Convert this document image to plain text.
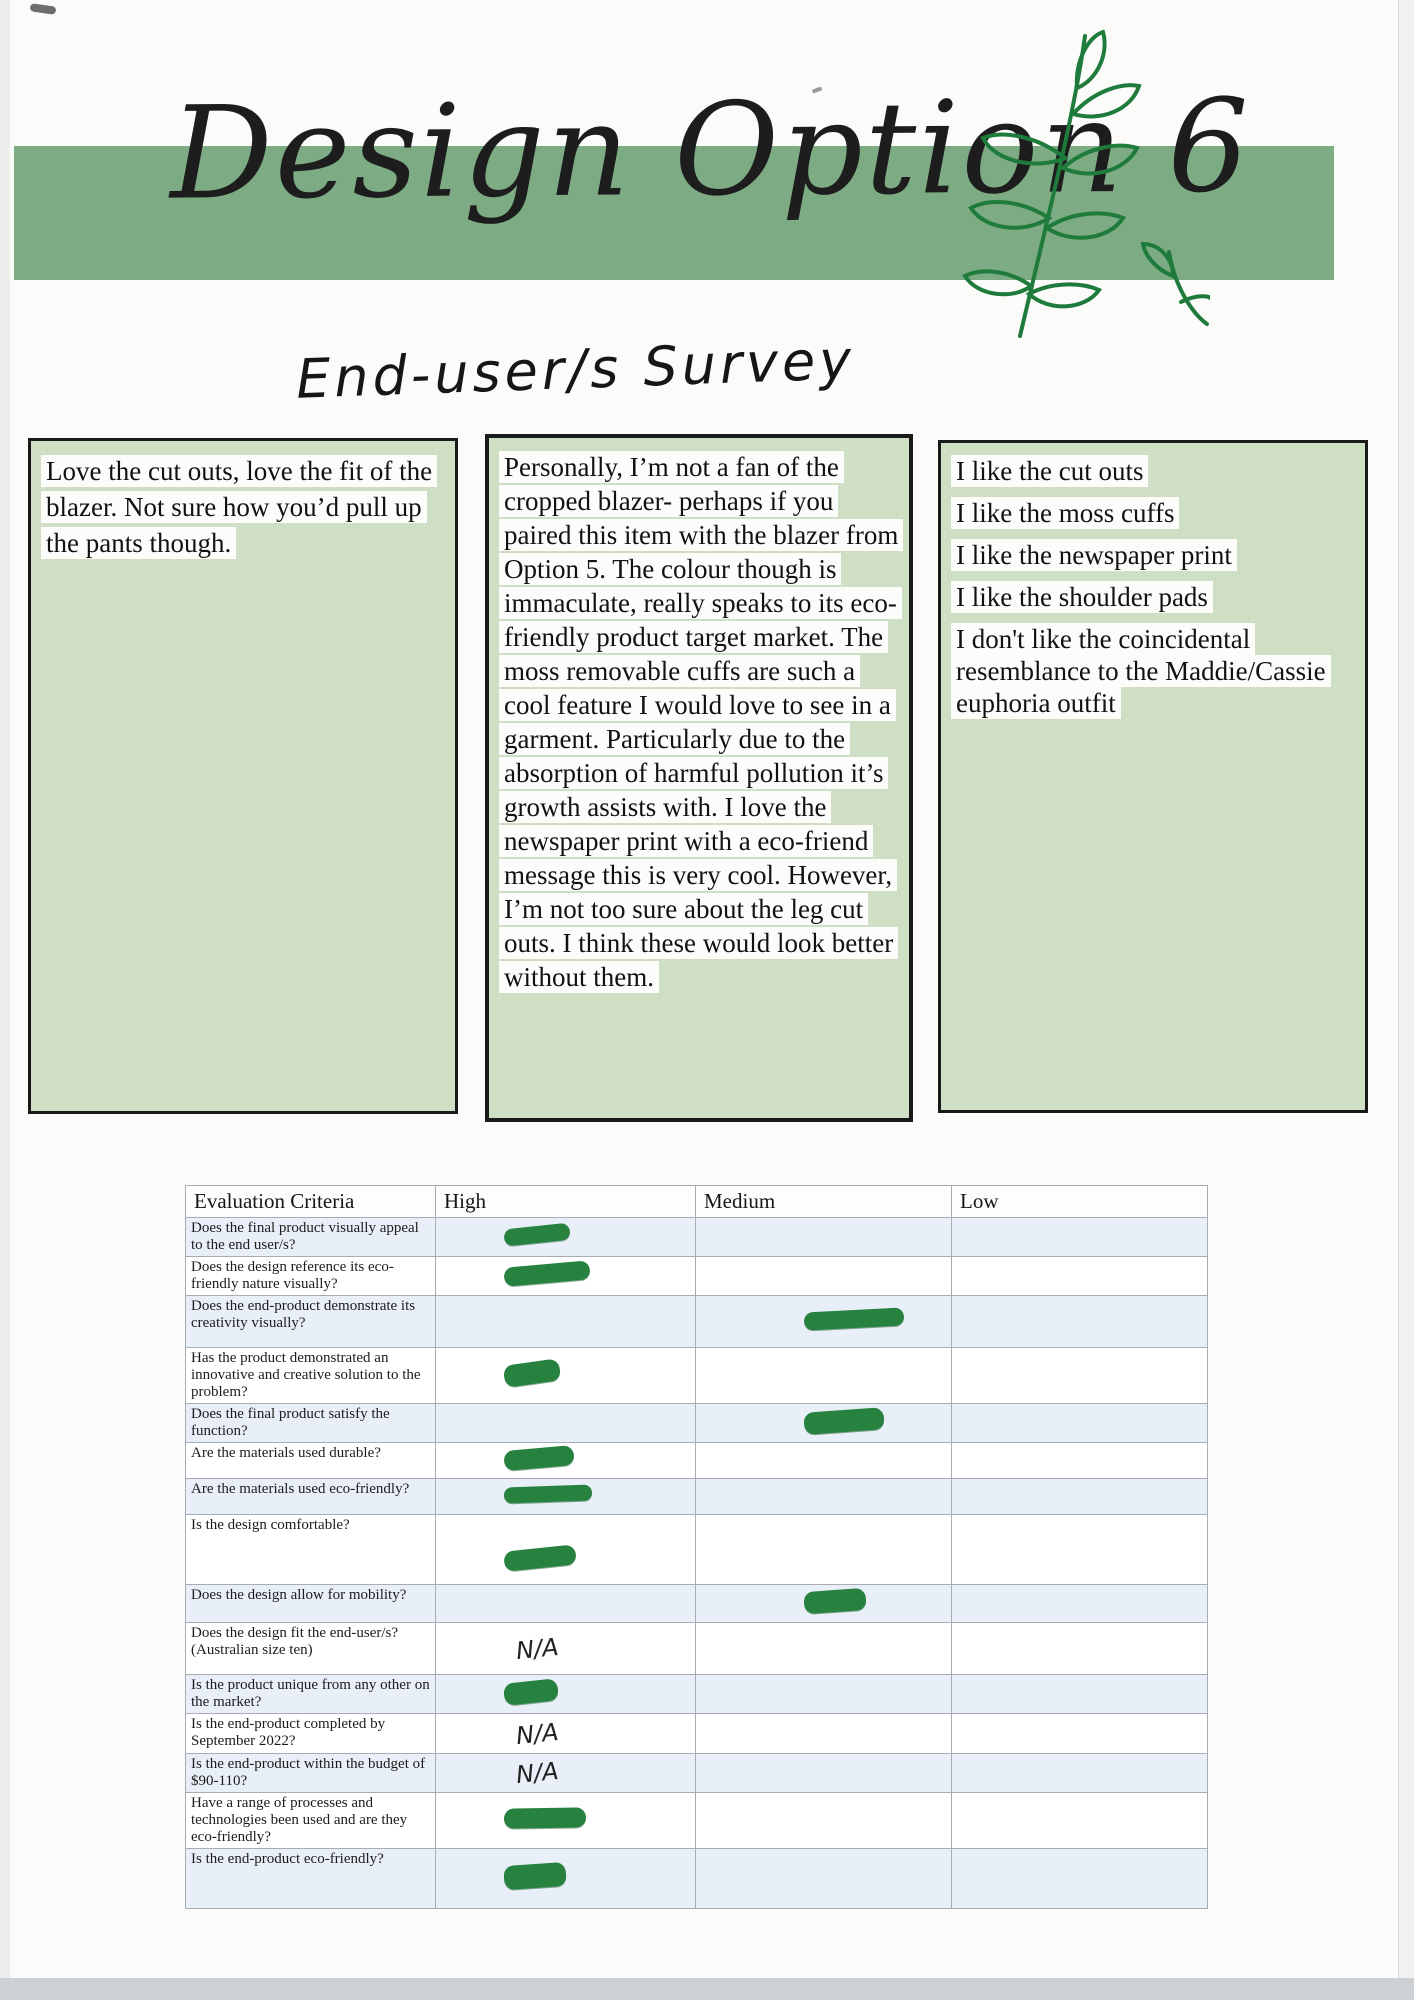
Design Option 6
End-user/s Survey

Love the cut outs, love the fit of the blazer. Not sure how you’d pull up the pants though.

Personally, I’m not a fan of the cropped blazer- perhaps if you paired this item with the blazer from Option 5. The colour though is immaculate, really speaks to its eco-friendly product target market. The moss removable cuffs are such a cool feature I would love to see in a garment. Particularly due to the absorption of harmful pollution it’s growth assists with. I love the newspaper print with a eco-friend message this is very cool. However, I’m not too sure about the leg cut outs. I think these would look better without them.

I like the cut outs
I like the moss cuffs
I like the newspaper print
I like the shoulder pads
I don't like the coincidental resemblance to the Maddie/Cassie euphoria outfit
Evaluation Criteria	High	Medium	Low
Does the final product visually appeal to the end user/s?			
Does the design reference its eco-friendly nature visually?			
Does the end-product demonstrate its creativity visually?			
Has the product demonstrated an innovative and creative solution to the problem?			
Does the final product satisfy the function?			
Are the materials used durable?			
Are the materials used eco-friendly?			
Is the design comfortable?			
Does the design allow for mobility?			
Does the design fit the end-user/s? (Australian size ten)	N/A		
Is the product unique from any other on the market?			
Is the end-product completed by September 2022?	N/A		
Is the end-product within the budget of $90-110?	N/A		
Have a range of processes and technologies been used and are they eco-friendly?			
Is the end-product eco-friendly?			
